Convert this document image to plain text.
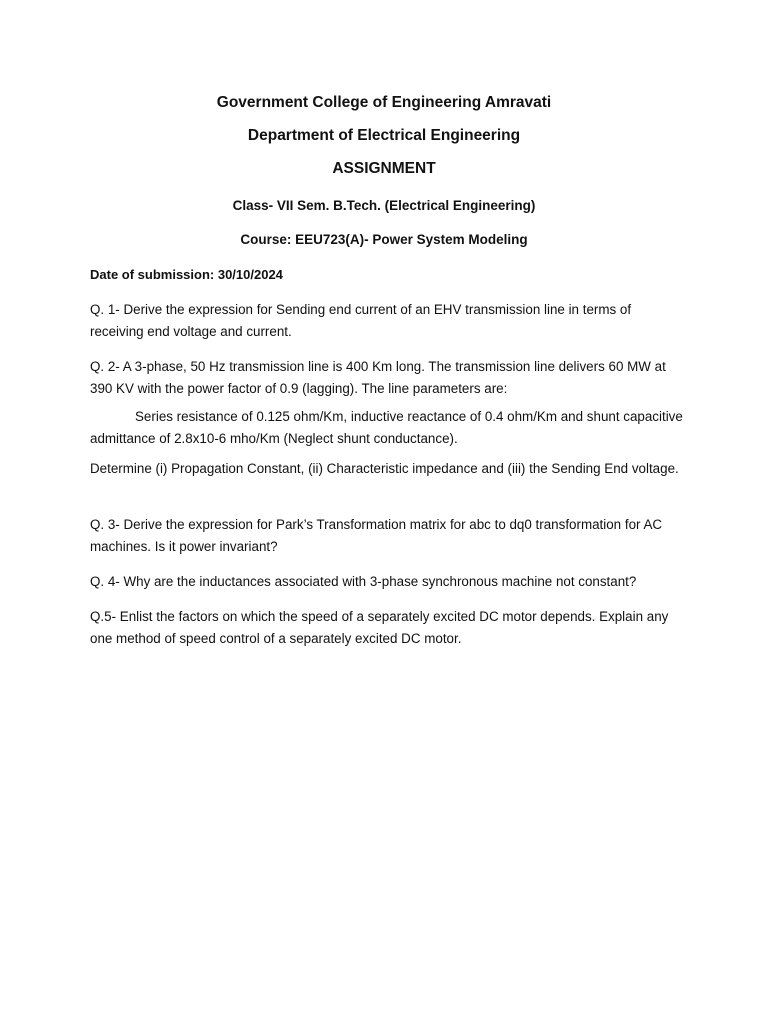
Government College of Engineering Amravati
Department of Electrical Engineering
ASSIGNMENT
Class- VII Sem. B.Tech. (Electrical Engineering)
Course: EEU723(A)- Power System Modeling
Date of submission: 30/10/2024
Q. 1- Derive the expression for Sending end current of an EHV transmission line in terms of receiving end voltage and current.
Q. 2- A 3-phase, 50 Hz transmission line is 400 Km long. The transmission line delivers 60 MW at 390 KV with the power factor of 0.9 (lagging). The line parameters are:
Series resistance of 0.125 ohm/Km, inductive reactance of 0.4 ohm/Km and shunt capacitive admittance of 2.8x10-6 mho/Km (Neglect shunt conductance).
Determine (i) Propagation Constant, (ii) Characteristic impedance and (iii) the Sending End voltage.
Q. 3- Derive the expression for Park’s Transformation matrix for abc to dq0 transformation for AC machines. Is it power invariant?
Q. 4- Why are the inductances associated with 3-phase synchronous machine not constant?
Q.5- Enlist the factors on which the speed of a separately excited DC motor depends. Explain any one method of speed control of a separately excited DC motor.
